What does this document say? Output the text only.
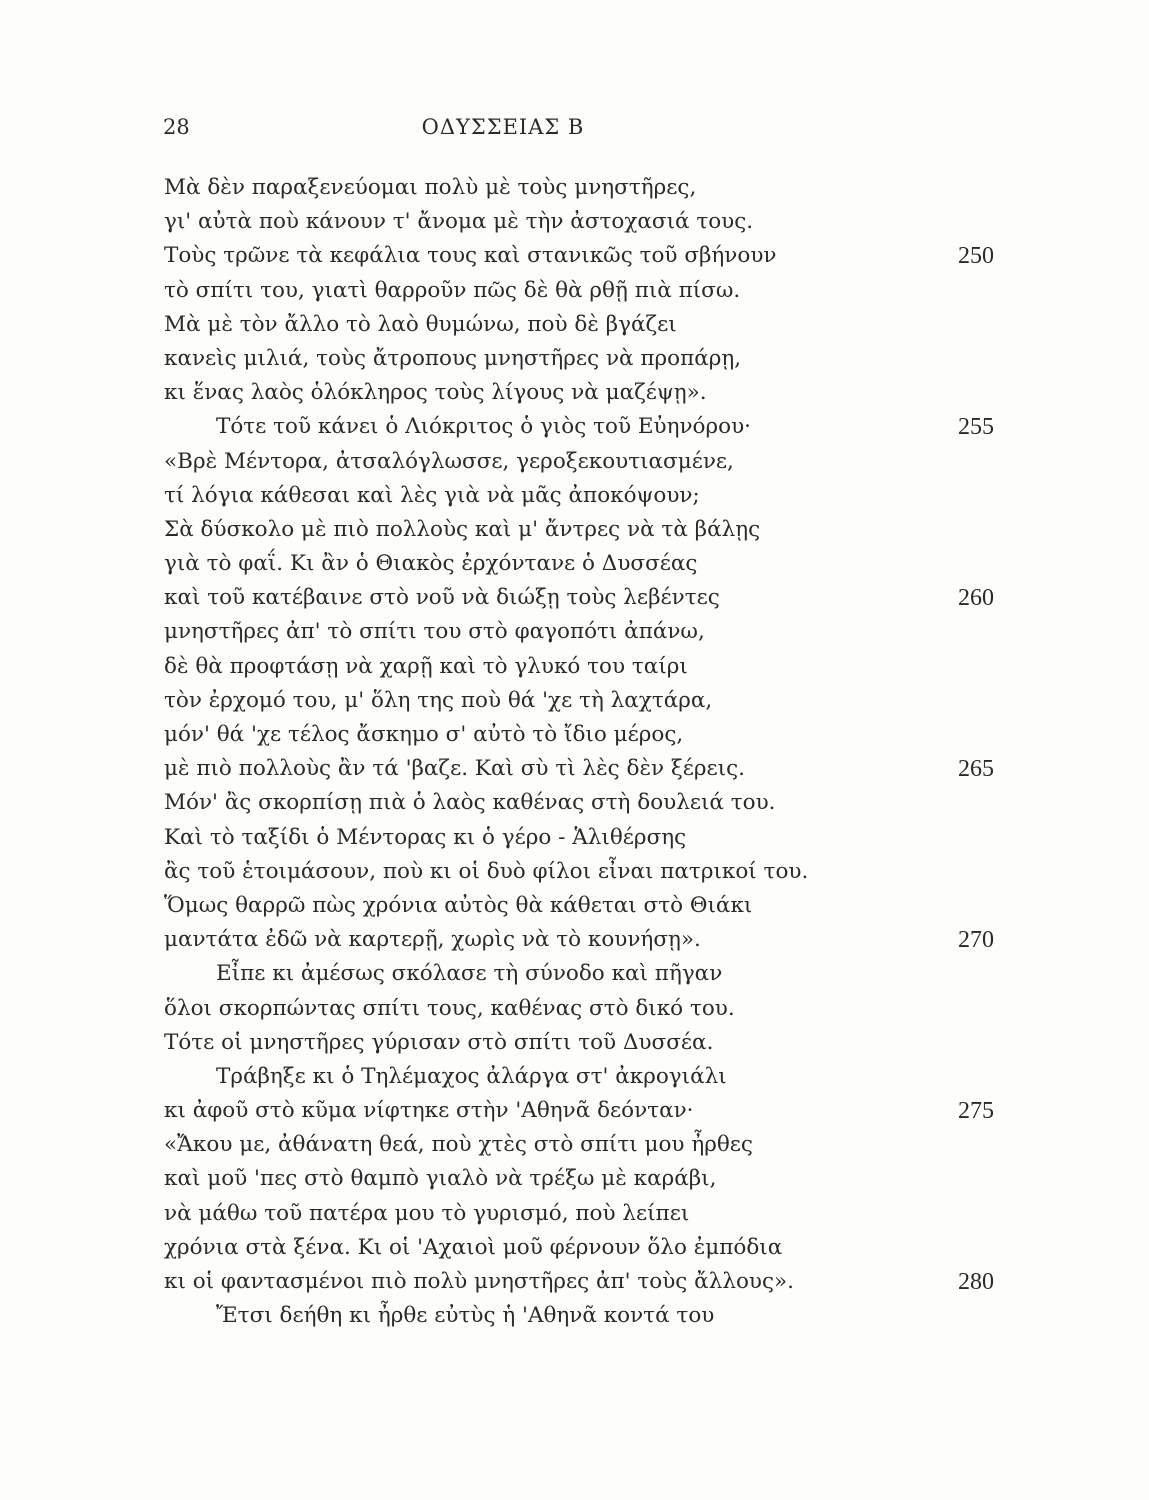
28	ΟΔΥΣΣΕΙΑΣ Β
Μὰ δὲν παραξενεύομαι πολὺ μὲ τοὺς μνηστῆρες,
γι' αὐτὰ ποὺ κάνουν τ' ἄνομα μὲ τὴν ἀστοχασιά τους.
Τοὺς τρῶνε τὰ κεφάλια τους καὶ στανικῶς τοῦ σβήνουν	250
τὸ σπίτι του, γιατὶ θαρροῦν πῶς δὲ θὰ ρθῇ πιὰ πίσω.
Μὰ μὲ τὸν ἄλλο τὸ λαὸ θυμώνω, ποὺ δὲ βγάζει
κανεὶς μιλιά, τοὺς ἄτροπους μνηστῆρες νὰ προπάρῃ,
κι ἕνας λαὸς ὁλόκληρος τοὺς λίγους νὰ μαζέψῃ».
Τότε τοῦ κάνει ὁ Λιόκριτος ὁ γιὸς τοῦ Εὐηνόρου·	255
«Βρὲ Μέντορα, ἀτσαλόγλωσσε, γεροξεκουτιασμένε,
τί λόγια κάθεσαι καὶ λὲς γιὰ νὰ μᾶς ἀποκόψουν;
Σὰ δύσκολο μὲ πιὸ πολλοὺς καὶ μ' ἄντρες νὰ τὰ βάλῃς
γιὰ τὸ φαΐ. Κι ἂν ὁ Θιακὸς ἐρχόντανε ὁ Δυσσέας
καὶ τοῦ κατέβαινε στὸ νοῦ νὰ διώξῃ τοὺς λεβέντες	260
μνηστῆρες ἀπ' τὸ σπίτι του στὸ φαγοπότι ἀπάνω,
δὲ θὰ προφτάσῃ νὰ χαρῇ καὶ τὸ γλυκό του ταίρι
τὸν ἐρχομό του, μ' ὅλη της ποὺ θά 'χε τὴ λαχτάρα,
μόν' θά 'χε τέλος ἄσκημο σ' αὐτὸ τὸ ἴδιο μέρος,
μὲ πιὸ πολλοὺς ἂν τά 'βαζε. Καὶ σὺ τὶ λὲς δὲν ξέρεις.	265
Μόν' ἂς σκορπίσῃ πιὰ ὁ λαὸς καθένας στὴ δουλειά του.
Καὶ τὸ ταξίδι ὁ Μέντορας κι ὁ γέρο - Ἁλιθέρσης
ἂς τοῦ ἑτοιμάσουν, ποὺ κι οἱ δυὸ φίλοι εἶναι πατρικοί του.
Ὅμως θαρρῶ πὼς χρόνια αὐτὸς θὰ κάθεται στὸ Θιάκι
μαντάτα ἐδῶ νὰ καρτερῇ, χωρὶς νὰ τὸ κουνήσῃ».	270
Εἶπε κι ἀμέσως σκόλασε τὴ σύνοδο καὶ πῆγαν
ὅλοι σκορπώντας σπίτι τους, καθένας στὸ δικό του.
Τότε οἱ μνηστῆρες γύρισαν στὸ σπίτι τοῦ Δυσσέα.
Τράβηξε κι ὁ Τηλέμαχος ἀλάργα στ' ἀκρογιάλι
κι ἀφοῦ στὸ κῦμα νίφτηκε στὴν 'Αθηνᾶ δεόνταν·	275
«Ἄκου με, ἀθάνατη θεά, ποὺ χτὲς στὸ σπίτι μου ἦρθες
καὶ μοῦ 'πες στὸ θαμπὸ γιαλὸ νὰ τρέξω μὲ καράβι,
νὰ μάθω τοῦ πατέρα μου τὸ γυρισμό, ποὺ λείπει
χρόνια στὰ ξένα. Κι οἱ 'Αχαιοὶ μοῦ φέρνουν ὅλο ἐμπόδια
κι οἱ φαντασμένοι πιὸ πολὺ μνηστῆρες ἀπ' τοὺς ἄλλους».	280
Ἔτσι δεήθη κι ἦρθε εὐτὺς ἡ 'Αθηνᾶ κοντά του
